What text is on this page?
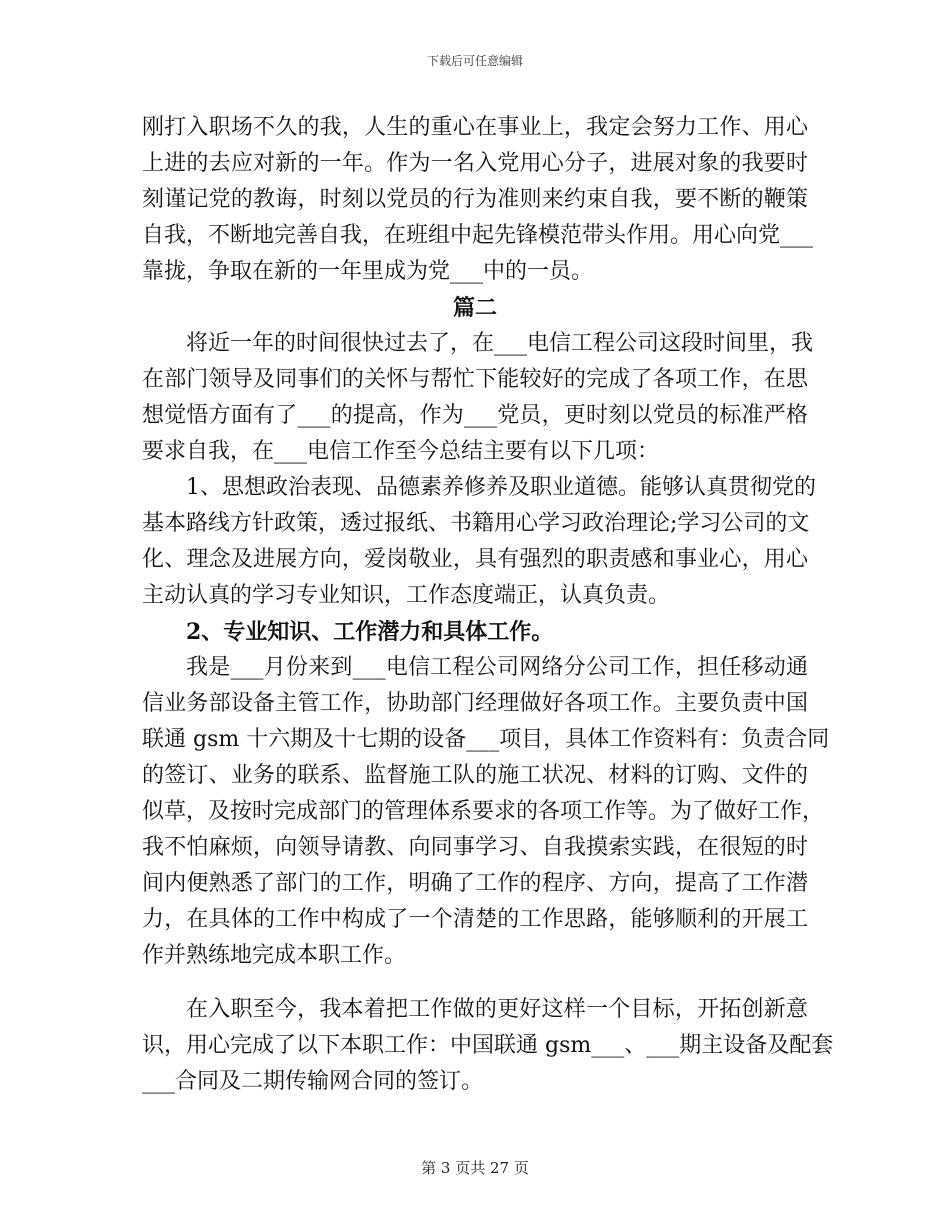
下载后可任意编辑
刚打入职场不久的我，人生的重心在事业上，我定会努力工作、用心
上进的去应对新的一年。作为一名入党用心分子，进展对象的我要时
刻谨记党的教诲，时刻以党员的行为准则来约束自我，要不断的鞭策
自我，不断地完善自我，在班组中起先锋模范带头作用。用心向党___
靠拢，争取在新的一年里成为党___中的一员。
篇二
将近一年的时间很快过去了，在___电信工程公司这段时间里，我
在部门领导及同事们的关怀与帮忙下能较好的完成了各项工作，在思
想觉悟方面有了___的提高，作为___党员，更时刻以党员的标准严格
要求自我，在___电信工作至今总结主要有以下几项：
1、思想政治表现、品德素养修养及职业道德。能够认真贯彻党的
基本路线方针政策，透过报纸、书籍用心学习政治理论;学习公司的文
化、理念及进展方向，爱岗敬业，具有强烈的职责感和事业心，用心
主动认真的学习专业知识，工作态度端正，认真负责。
2、专业知识、工作潜力和具体工作。
我是___月份来到___电信工程公司网络分公司工作，担任移动通
信业务部设备主管工作，协助部门经理做好各项工作。主要负责中国
联通 gsm 十六期及十七期的设备___项目，具体工作资料有：负责合同
的签订、业务的联系、监督施工队的施工状况、材料的订购、文件的
似草，及按时完成部门的管理体系要求的各项工作等。为了做好工作，
我不怕麻烦，向领导请教、向同事学习、自我摸索实践，在很短的时
间内便熟悉了部门的工作，明确了工作的程序、方向，提高了工作潜
力，在具体的工作中构成了一个清楚的工作思路，能够顺利的开展工
作并熟练地完成本职工作。
在入职至今，我本着把工作做的更好这样一个目标，开拓创新意
识，用心完成了以下本职工作：中国联通 gsm___、___期主设备及配套
___合同及二期传输网合同的签订。
第 3 页共 27 页
